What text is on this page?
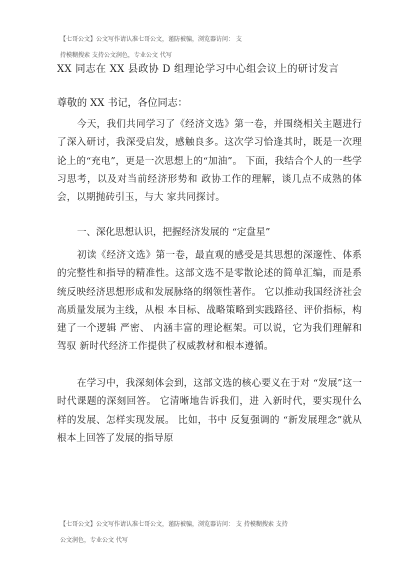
【七哥公文】公文写作请认准七哥公文，谨防被骗，浏览器访问： 支
持模糊搜索 支持公文润色，专业公文 代写
XX 同志在 XX 县政协 D 组理论学习中心组会议上的研讨发言
尊敬的 XX 书记，各位同志：
今天，我们共同学习了《经济文选》第一卷，并围绕相关主题进行了深入研讨，我深受启发，感触良多。这次学习恰逢其时，既是一次理论上的“充电”，更是一次思想上的“加油”。 下面，我结合个人的一些学习思考，以及对当前经济形势和 政协工作的理解，谈几点不成熟的体会，以期抛砖引玉，与大 家共同探讨。
一、深化思想认识，把握经济发展的 “定盘星”
初读《经济文选》第一卷，最直观的感受是其思想的深邃性、体系的完整性和指导的精准性。这部文选不是零散论述的简单汇编，而是系统反映经济思想形成和发展脉络的纲领性著作。 它以推动我国经济社会高质量发展为主线，从根 本目标、战略策略到实践路径、评价指标，构建了一个逻辑 严密、 内涵丰富的理论框架。可以说，它为我们理解和驾驭 新时代经济工作提供了权威教材和根本遵循。
在学习中，我深刻体会到，这部文选的核心要义在于对 “发展”这一时代课题的深刻回答。 它清晰地告诉我们，进 入新时代，要实现什么样的发展、怎样实现发展。 比如，书中 反复强调的 “新发展理念”就从根本上回答了发展的指导原
【七哥公文】公文写作请认准七哥公文，谨防被骗，浏览器访问： 支 持模糊搜索 支持
公文润色，专业公文 代写
